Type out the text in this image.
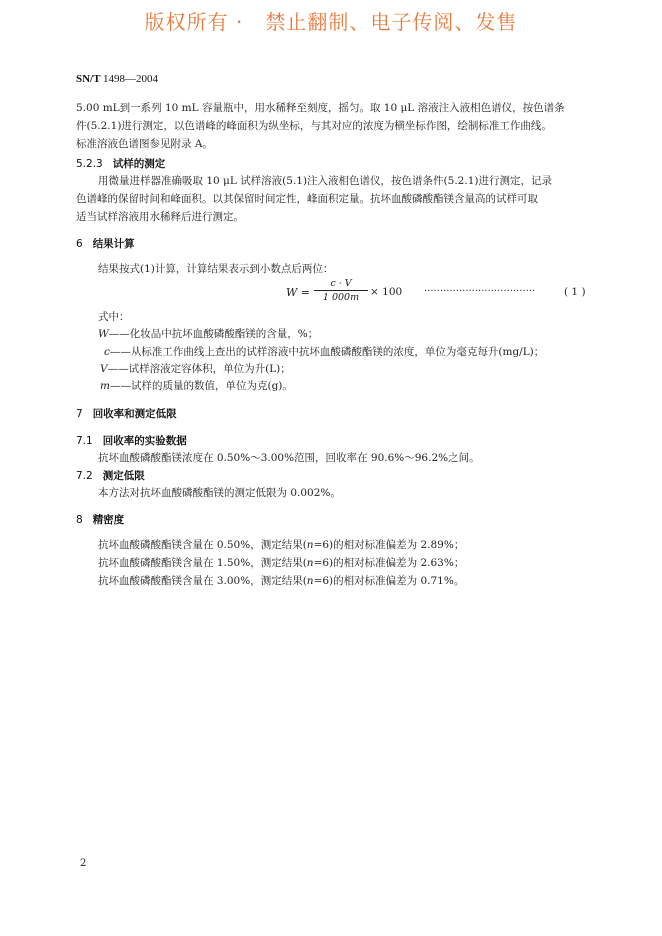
版权所有 ·   禁止翻制、电子传阅、发售
SN/T 1498—2004
5.00 mL到一系列 10 mL 容量瓶中，用水稀释至刻度，摇匀。取 10 μL 溶液注入液相色谱仪，按色谱条
件(5.2.1)进行测定，以色谱峰的峰面积为纵坐标，与其对应的浓度为横坐标作图，绘制标准工作曲线。
标准溶液色谱图参见附录 A。
5.2.3 试样的测定
用微量进样器准确吸取 10 μL 试样溶液(5.1)注入液相色谱仪，按色谱条件(5.2.1)进行测定，记录
色谱峰的保留时间和峰面积。以其保留时间定性，峰面积定量。抗坏血酸磷酸酯镁含量高的试样可取
适当试样溶液用水稀释后进行测定。
6 结果计算
结果按式(1)计算，计算结果表示到小数点后两位：
$W = \frac{c \cdot V}{1 000m} \times 100$ ···································	( 1 )
式中：
W——化妆品中抗坏血酸磷酸酯镁的含量，%；
c——从标准工作曲线上查出的试样溶液中抗坏血酸磷酸酯镁的浓度，单位为毫克每升(mg/L)；
V——试样溶液定容体积，单位为升(L)；
m——试样的质量的数值，单位为克(g)。
7 回收率和测定低限
7.1 回收率的实验数据
抗坏血酸磷酸酯镁浓度在 0.50%～3.00%范围，回收率在 90.6%～96.2%之间。
7.2 测定低限
本方法对抗坏血酸磷酸酯镁的测定低限为 0.002%。
8 精密度
抗坏血酸磷酸酯镁含量在 0.50%，测定结果(n=6)的相对标准偏差为 2.89%；
抗坏血酸磷酸酯镁含量在 1.50%，测定结果(n=6)的相对标准偏差为 2.63%；
抗坏血酸磷酸酯镁含量在 3.00%，测定结果(n=6)的相对标准偏差为 0.71%。
2
